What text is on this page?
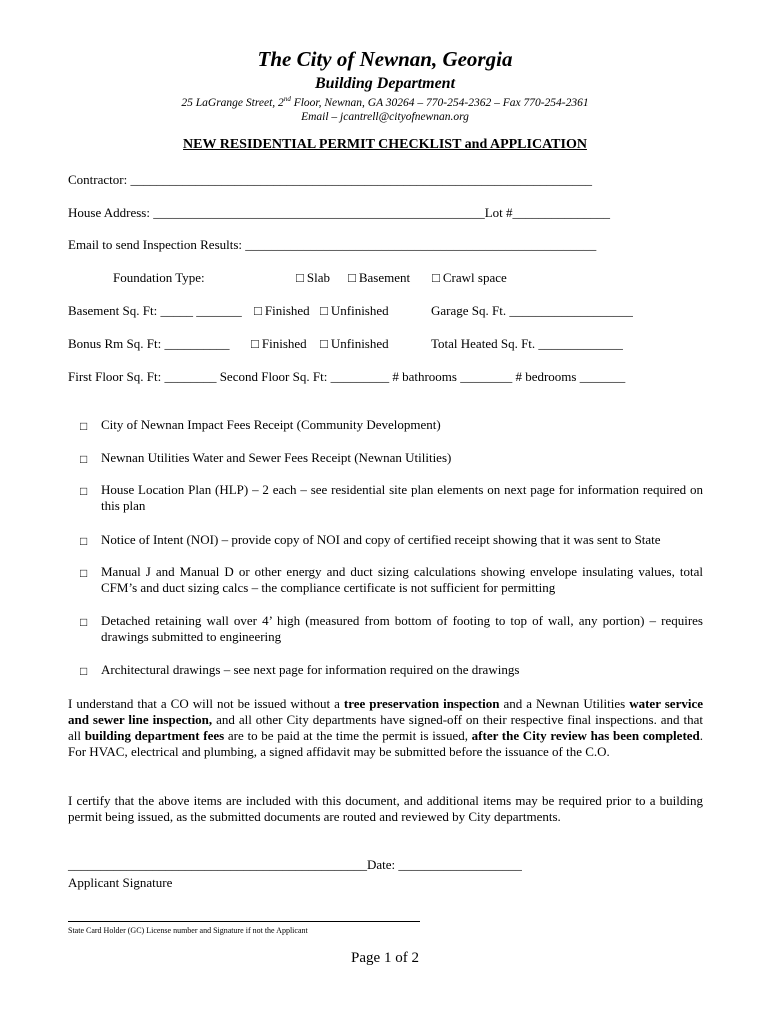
The City of Newnan, Georgia
Building Department
25 LaGrange Street, 2nd Floor, Newnan, GA 30264 – 770-254-2362 – Fax 770-254-2361
Email – jcantrell@cityofnewnan.org
NEW RESIDENTIAL PERMIT CHECKLIST and APPLICATION
Contractor: _______________________________________________________________________
House Address: ___________________________________________________Lot #_______________
Email to send Inspection Results: ______________________________________________________
Foundation Type:	□ Slab □ Basement □ Crawl space
Basement Sq. Ft: _____ _______ □ Finished □ Unfinished	Garage Sq. Ft. ___________________
Bonus Rm Sq. Ft: __________ □ Finished □ Unfinished	Total Heated Sq. Ft. _____________
First Floor Sq. Ft: ________ Second Floor Sq. Ft: _________ # bathrooms ________ # bedrooms _______
□ City of Newnan Impact Fees Receipt (Community Development)
□ Newnan Utilities Water and Sewer Fees Receipt (Newnan Utilities)
□ House Location Plan (HLP) – 2 each – see residential site plan elements on next page for information required on this plan
□ Notice of Intent (NOI) – provide copy of NOI and copy of certified receipt showing that it was sent to State
□ Manual J and Manual D or other energy and duct sizing calculations showing envelope insulating values, total CFM’s and duct sizing calcs – the compliance certificate is not sufficient for permitting
□ Detached retaining wall over 4’ high (measured from bottom of footing to top of wall, any portion) – requires drawings submitted to engineering
□ Architectural drawings – see next page for information required on the drawings
I understand that a CO will not be issued without a tree preservation inspection and a Newnan Utilities water service and sewer line inspection, and all other City departments have signed-off on their respective final inspections. and that all building department fees are to be paid at the time the permit is issued, after the City review has been completed. For HVAC, electrical and plumbing, a signed affidavit may be submitted before the issuance of the C.O.
I certify that the above items are included with this document, and additional items may be required prior to a building permit being issued, as the submitted documents are routed and reviewed by City departments.
______________________________________________Date: ___________________
Applicant Signature
State Card Holder (GC) License number and Signature if not the Applicant
Page 1 of 2
